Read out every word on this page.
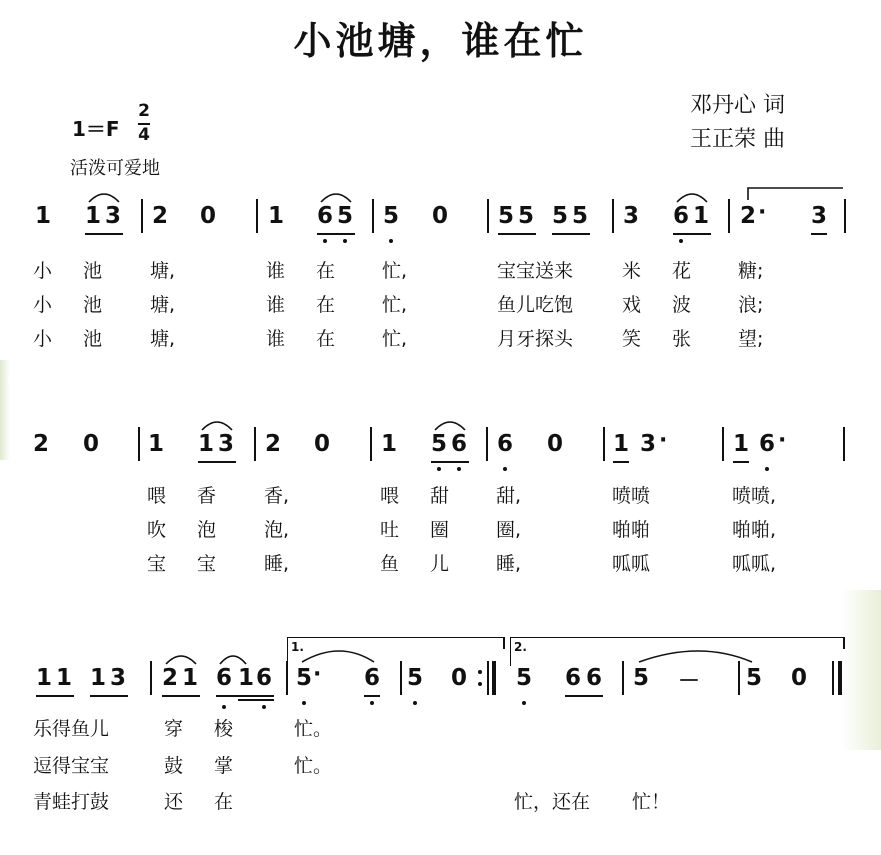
小池塘，谁在忙
邓丹心 词
王正荣 曲
1＝F
2
4
活泼可爱地
1 1 3 2 0 1 6 5 5 0 5 5 5 5 3 6 1 2 · 3
小 池	塘,	谁 在 忙,	宝宝送来	米 花 糖;
小 池	塘,	谁 在 忙,	鱼儿吃饱	戏 波 浪;
小 池	塘,	谁 在 忙,	月牙探头	笑 张 望;
2 0 1 1 3 2 0 1 5 6 6 0 1 3 ·	1 6 ·
喂 香	香,	喂 甜 甜,	喷喷	喷喷,
吹 泡	泡,	吐 圈 圈,	啪啪	啪啪,
宝 宝	睡,	鱼 儿 睡,	呱呱	呱呱,
1.	2.
1 1 1 3 2 1 6 1 6 5 · 6 5 0 5 6 6 5 － 5 0
乐得鱼儿	穿 梭	忙。
逗得宝宝	鼓 掌	忙。
青蛙打鼓	还 在	忙，还在 忙！
